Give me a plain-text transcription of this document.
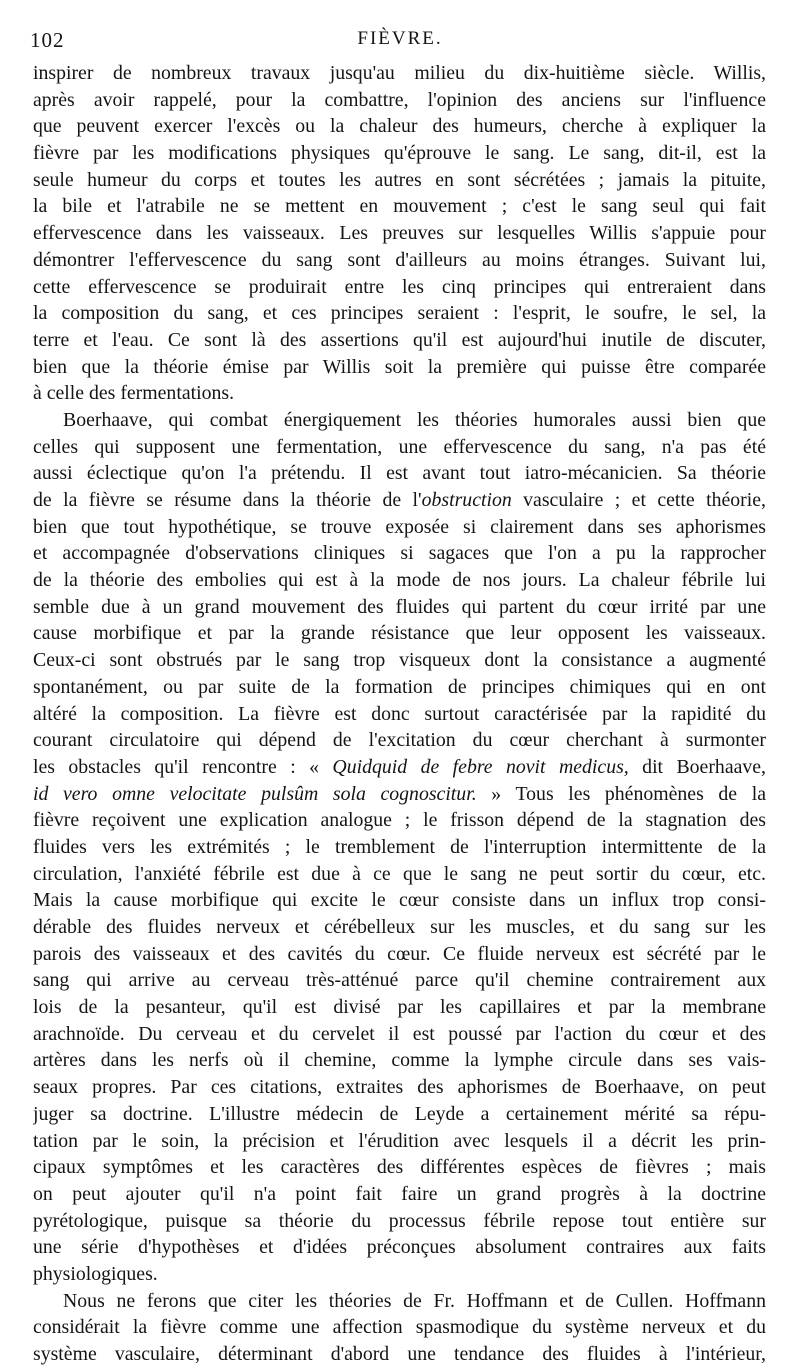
102	FIÈVRE.
inspirer de nombreux travaux jusqu'au milieu du dix-huitième siècle. Willis,
après avoir rappelé, pour la combattre, l'opinion des anciens sur l'influence
que peuvent exercer l'excès ou la chaleur des humeurs, cherche à expliquer la
fièvre par les modifications physiques qu'éprouve le sang. Le sang, dit-il, est la
seule humeur du corps et toutes les autres en sont sécrétées ; jamais la pituite,
la bile et l'atrabile ne se mettent en mouvement ; c'est le sang seul qui fait
effervescence dans les vaisseaux. Les preuves sur lesquelles Willis s'appuie pour
démontrer l'effervescence du sang sont d'ailleurs au moins étranges. Suivant lui,
cette effervescence se produirait entre les cinq principes qui entreraient dans
la composition du sang, et ces principes seraient : l'esprit, le soufre, le sel, la
terre et l'eau. Ce sont là des assertions qu'il est aujourd'hui inutile de discuter,
bien que la théorie émise par Willis soit la première qui puisse être comparée
à celle des fermentations.
Boerhaave, qui combat énergiquement les théories humorales aussi bien que
celles qui supposent une fermentation, une effervescence du sang, n'a pas été
aussi éclectique qu'on l'a prétendu. Il est avant tout iatro-mécanicien. Sa théorie
de la fièvre se résume dans la théorie de l'obstruction vasculaire ; et cette théorie,
bien que tout hypothétique, se trouve exposée si clairement dans ses aphorismes
et accompagnée d'observations cliniques si sagaces que l'on a pu la rapprocher
de la théorie des embolies qui est à la mode de nos jours. La chaleur fébrile lui
semble due à un grand mouvement des fluides qui partent du cœur irrité par une
cause morbifique et par la grande résistance que leur opposent les vaisseaux.
Ceux-ci sont obstrués par le sang trop visqueux dont la consistance a augmenté
spontanément, ou par suite de la formation de principes chimiques qui en ont
altéré la composition. La fièvre est donc surtout caractérisée par la rapidité du
courant circulatoire qui dépend de l'excitation du cœur cherchant à surmonter
les obstacles qu'il rencontre : « Quidquid de febre novit medicus, dit Boerhaave,
id vero omne velocitate pulsûm sola cognoscitur. » Tous les phénomènes de la
fièvre reçoivent une explication analogue ; le frisson dépend de la stagnation des
fluides vers les extrémités ; le tremblement de l'interruption intermittente de la
circulation, l'anxiété fébrile est due à ce que le sang ne peut sortir du cœur, etc.
Mais la cause morbifique qui excite le cœur consiste dans un influx trop consi-
dérable des fluides nerveux et cérébelleux sur les muscles, et du sang sur les
parois des vaisseaux et des cavités du cœur. Ce fluide nerveux est sécrété par le
sang qui arrive au cerveau très-atténué parce qu'il chemine contrairement aux
lois de la pesanteur, qu'il est divisé par les capillaires et par la membrane
arachnoïde. Du cerveau et du cervelet il est poussé par l'action du cœur et des
artères dans les nerfs où il chemine, comme la lymphe circule dans ses vais-
seaux propres. Par ces citations, extraites des aphorismes de Boerhaave, on peut
juger sa doctrine. L'illustre médecin de Leyde a certainement mérité sa répu-
tation par le soin, la précision et l'érudition avec lesquels il a décrit les prin-
cipaux symptômes et les caractères des différentes espèces de fièvres ; mais
on peut ajouter qu'il n'a point fait faire un grand progrès à la doctrine
pyrétologique, puisque sa théorie du processus fébrile repose tout entière sur
une série d'hypothèses et d'idées préconçues absolument contraires aux faits
physiologiques.
Nous ne ferons que citer les théories de Fr. Hoffmann et de Cullen. Hoffmann
considérait la fièvre comme une affection spasmodique du système nerveux et du
système vasculaire, déterminant d'abord une tendance des fluides à l'intérieur,
